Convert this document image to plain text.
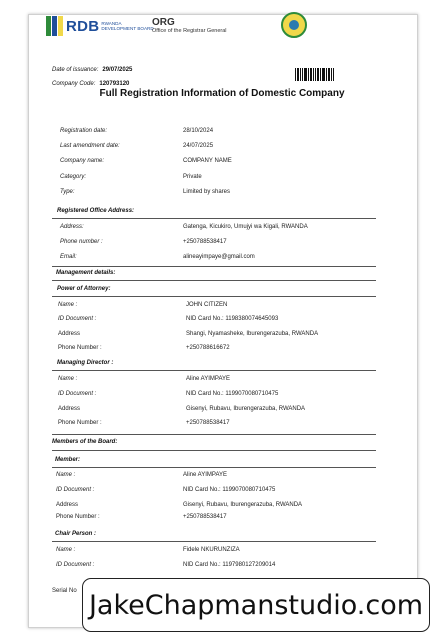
RDB RWANDA
DEVELOPMENT BOARD
ORG
Office of the Registrar General
Date of issuance: 29/07/2025
Company Code: 120793120
Full Registration Information of Domestic Company
Registration date:	28/10/2024
Last amendment date:	24/07/2025
Company name:	COMPANY NAME
Category:	Private
Type:	Limited by shares
Registered Office Address:
Address:	Gatenga, Kicukiro, Umujyi wa Kigali, RWANDA
Phone number :	+250788538417
Email:	alineayimpaye@gmail.com
Management details:
Power of Attorney:
Name :	JOHN CITIZEN
ID Document :	NID Card No.: 1198380074645093
Address	Shangi, Nyamasheke, Iburengerazuba, RWANDA
Phone Number :	+250788616672
Managing Director :
Name :	Aline AYIMPAYE
ID Document :	NID Card No.: 1199070080710475
Address	Gisenyi, Rubavu, Iburengerazuba, RWANDA
Phone Number :	+250788538417
Members of the Board:
Member:
Name :	Aline AYIMPAYE
ID Document :	NID Card No.: 1199070080710475
Address	Gisenyi, Rubavu, Iburengerazuba, RWANDA
Phone Number :	+250788538417
Chair Person :
Name :	Fidele NKURUNZIZA
ID Document :	NID Card No.: 1197980127209014
Serial No JakeChapmanstudio.com
